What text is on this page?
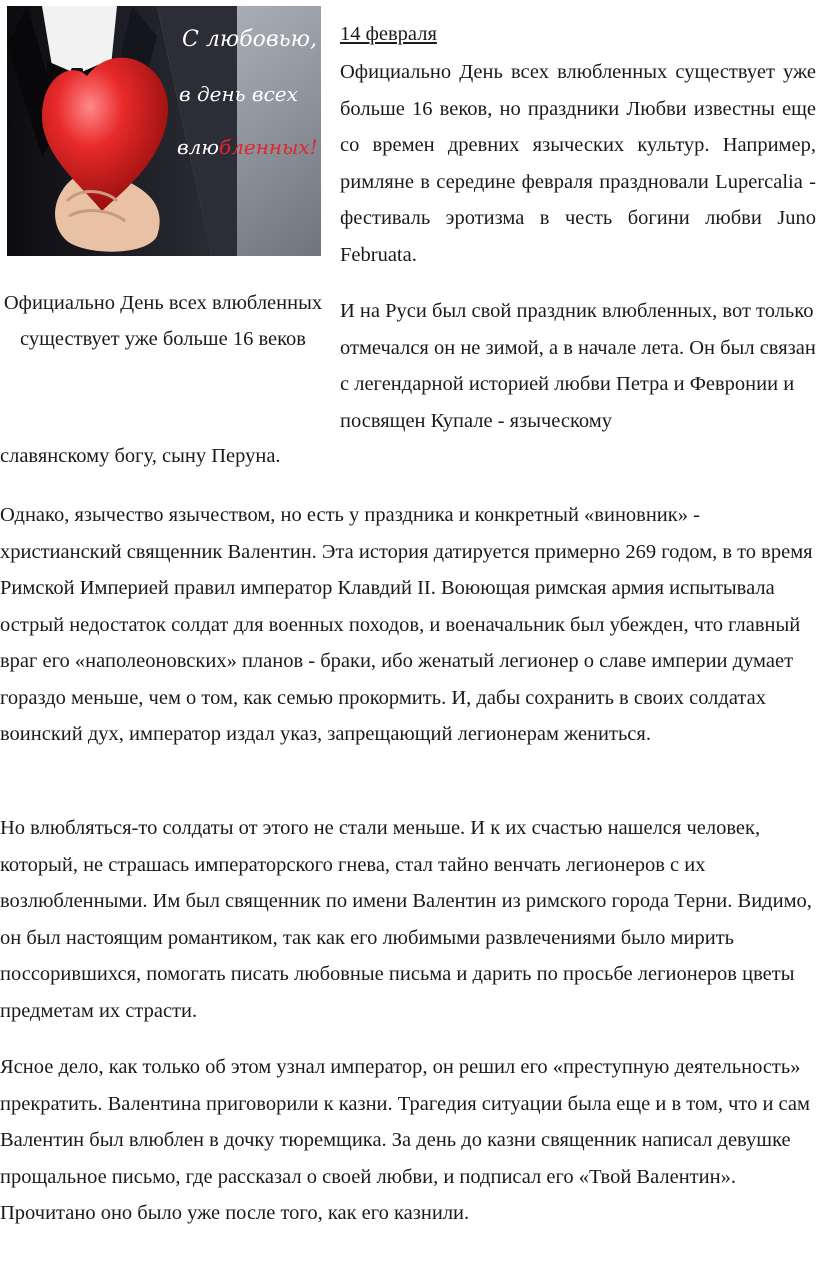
С любовью,
в день всех
влюбленных!

Официально День всех влюбленных существует уже больше 16 веков

14 февраля

Официально День всех влюбленных существует уже больше 16 веков, но праздники Любви известны еще со времен древних языческих культур. Например, римляне в середине февраля праздновали Lupercalia - фестиваль эротизма в честь богини любви Juno Februata.

И на Руси был свой праздник влюбленных, вот только отмечался он не зимой, а в начале лета. Он был связан с легендарной историей любви Петра и Февронии и посвящен Купале - языческому

славянскому богу, сыну Перуна.

Однако, язычество язычеством, но есть у праздника и конкретный «виновник» - христианский священник Валентин. Эта история датируется примерно 269 годом, в то время Римской Империей правил император Клавдий II. Воюющая римская армия испытывала острый недостаток солдат для военных походов, и военачальник был убежден, что главный враг его «наполеоновских» планов - браки, ибо женатый легионер о славе империи думает гораздо меньше, чем о том, как семью прокормить. И, дабы сохранить в своих солдатах воинский дух, император издал указ, запрещающий легионерам жениться.

Но влюбляться-то солдаты от этого не стали меньше. И к их счастью нашелся человек, который, не страшась императорского гнева, стал тайно венчать легионеров с их возлюбленными. Им был священник по имени Валентин из римского города Терни. Видимо, он был настоящим романтиком, так как его любимыми развлечениями было мирить поссорившихся, помогать писать любовные письма и дарить по просьбе легионеров цветы предметам их страсти.

Ясное дело, как только об этом узнал император, он решил его «преступную деятельность» прекратить. Валентина приговорили к казни. Трагедия ситуации была еще и в том, что и сам Валентин был влюблен в дочку тюремщика. За день до казни священник написал девушке прощальное письмо, где рассказал о своей любви, и подписал его «Твой Валентин». Прочитано оно было уже после того, как его казнили.
